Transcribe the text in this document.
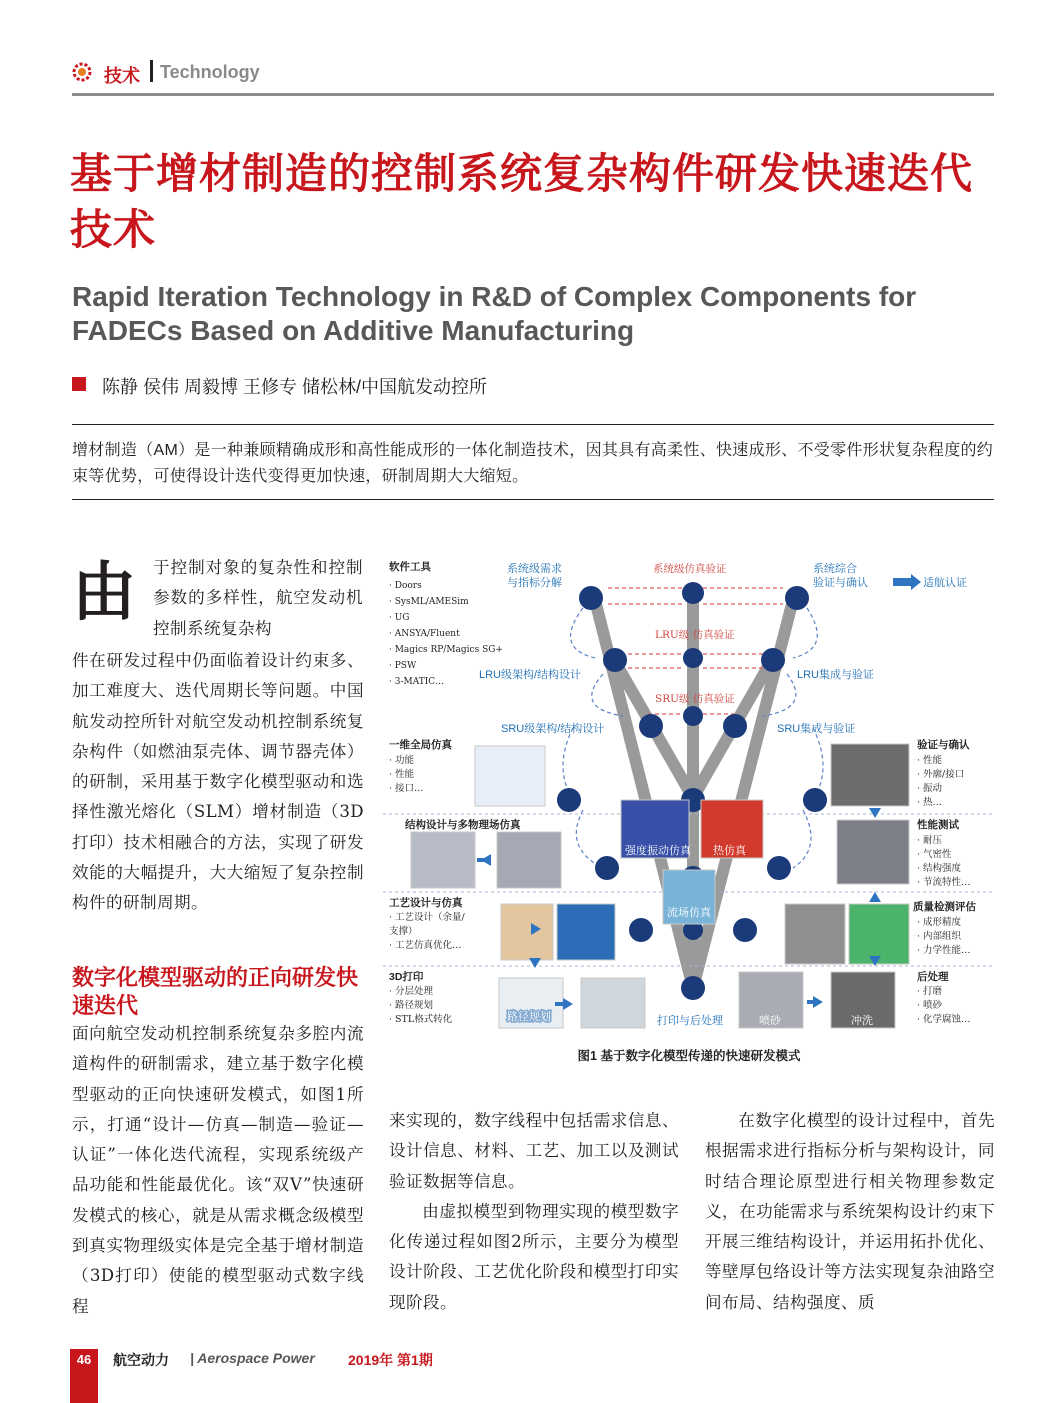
技术 Technology
基于增材制造的控制系统复杂构件研发快速迭代技术
Rapid Iteration Technology in R&D of Complex Components for FADECs Based on Additive Manufacturing
陈静 侯伟 周毅博 王修专 储松林/中国航发动控所
增材制造（AM）是一种兼顾精确成形和高性能成形的一体化制造技术，因其具有高柔性、快速成形、不受零件形状复杂程度的约束等优势，可使得设计迭代变得更加快速，研制周期大大缩短。
由 于控制对象的复杂性和控制参数的多样性，航空发动机控制系统复杂构
件在研发过程中仍面临着设计约束多、加工难度大、迭代周期长等问题。中国航发动控所针对航空发动机控制系统复杂构件（如燃油泵壳体、调节器壳体）的研制，采用基于数字化模型驱动和选择性激光熔化（SLM）增材制造（3D打印）技术相融合的方法，实现了研发效能的大幅提升，大大缩短了复杂控制构件的研制周期。
数字化模型驱动的正向研发快速迭代
面向航空发动机控制系统复杂多腔内流道构件的研制需求，建立基于数字化模型驱动的正向快速研发模式，如图1所示，打通“设计—仿真—制造—验证—认证”一体化迭代流程，实现系统级产品功能和性能最优化。该“双V”快速研发模式的核心，就是从需求概念级模型到真实物理级实体是完全基于增材制造（3D打印）使能的模型驱动式数字线程
来实现的，数字线程中包括需求信息、设计信息、材料、工艺、加工以及测试验证数据等信息。
由虚拟模型到物理实现的模型数字化传递过程如图2所示，主要分为模型设计阶段、工艺优化阶段和模型打印实现阶段。
在数字化模型的设计过程中，首先根据需求进行指标分析与架构设计，同时结合理论原型进行相关物理参数定义，在功能需求与系统架构设计约束下开展三维结构设计，并运用拓扑优化、等壁厚包络设计等方法实现复杂油路空间布局、结构强度、质
强度振动仿真 热仿真
流场仿真
路径规划	喷砂	冲洗
系统级需求
与指标分解
系统综合
验证与确认	适航认证
LRU级架构/结构设计	LRU集成与验证
SRU级架构/结构设计	SRU集成与验证
打印与后处理
系统级仿真验证
LRU级 仿真验证
SRU级 仿真验证
软件工具
· Doors
· SysML/AMESim
· UG
· ANSYA/Fluent
· Magics RP/Magics SG+
· PSW
· 3-MATIC…
一维全局仿真
· 功能
· 性能
· 接口…
结构设计与多物理场仿真
工艺设计与仿真
· 工艺设计（余量/
支撑）
· 工艺仿真优化…
3D打印
· 分层处理
· 路径规划
· STL格式转化
验证与确认
· 性能
· 外廓/接口
· 振动
· 热…
性能测试
· 耐压
· 气密性
· 结构强度
· 节流特性…
质量检测评估
· 成形精度
· 内部组织
· 力学性能…
后处理
· 打磨
· 喷砂
· 化学腐蚀…
图1 基于数字化模型传递的快速研发模式
46	航空动力 | Aerospace Power 2019年 第1期
